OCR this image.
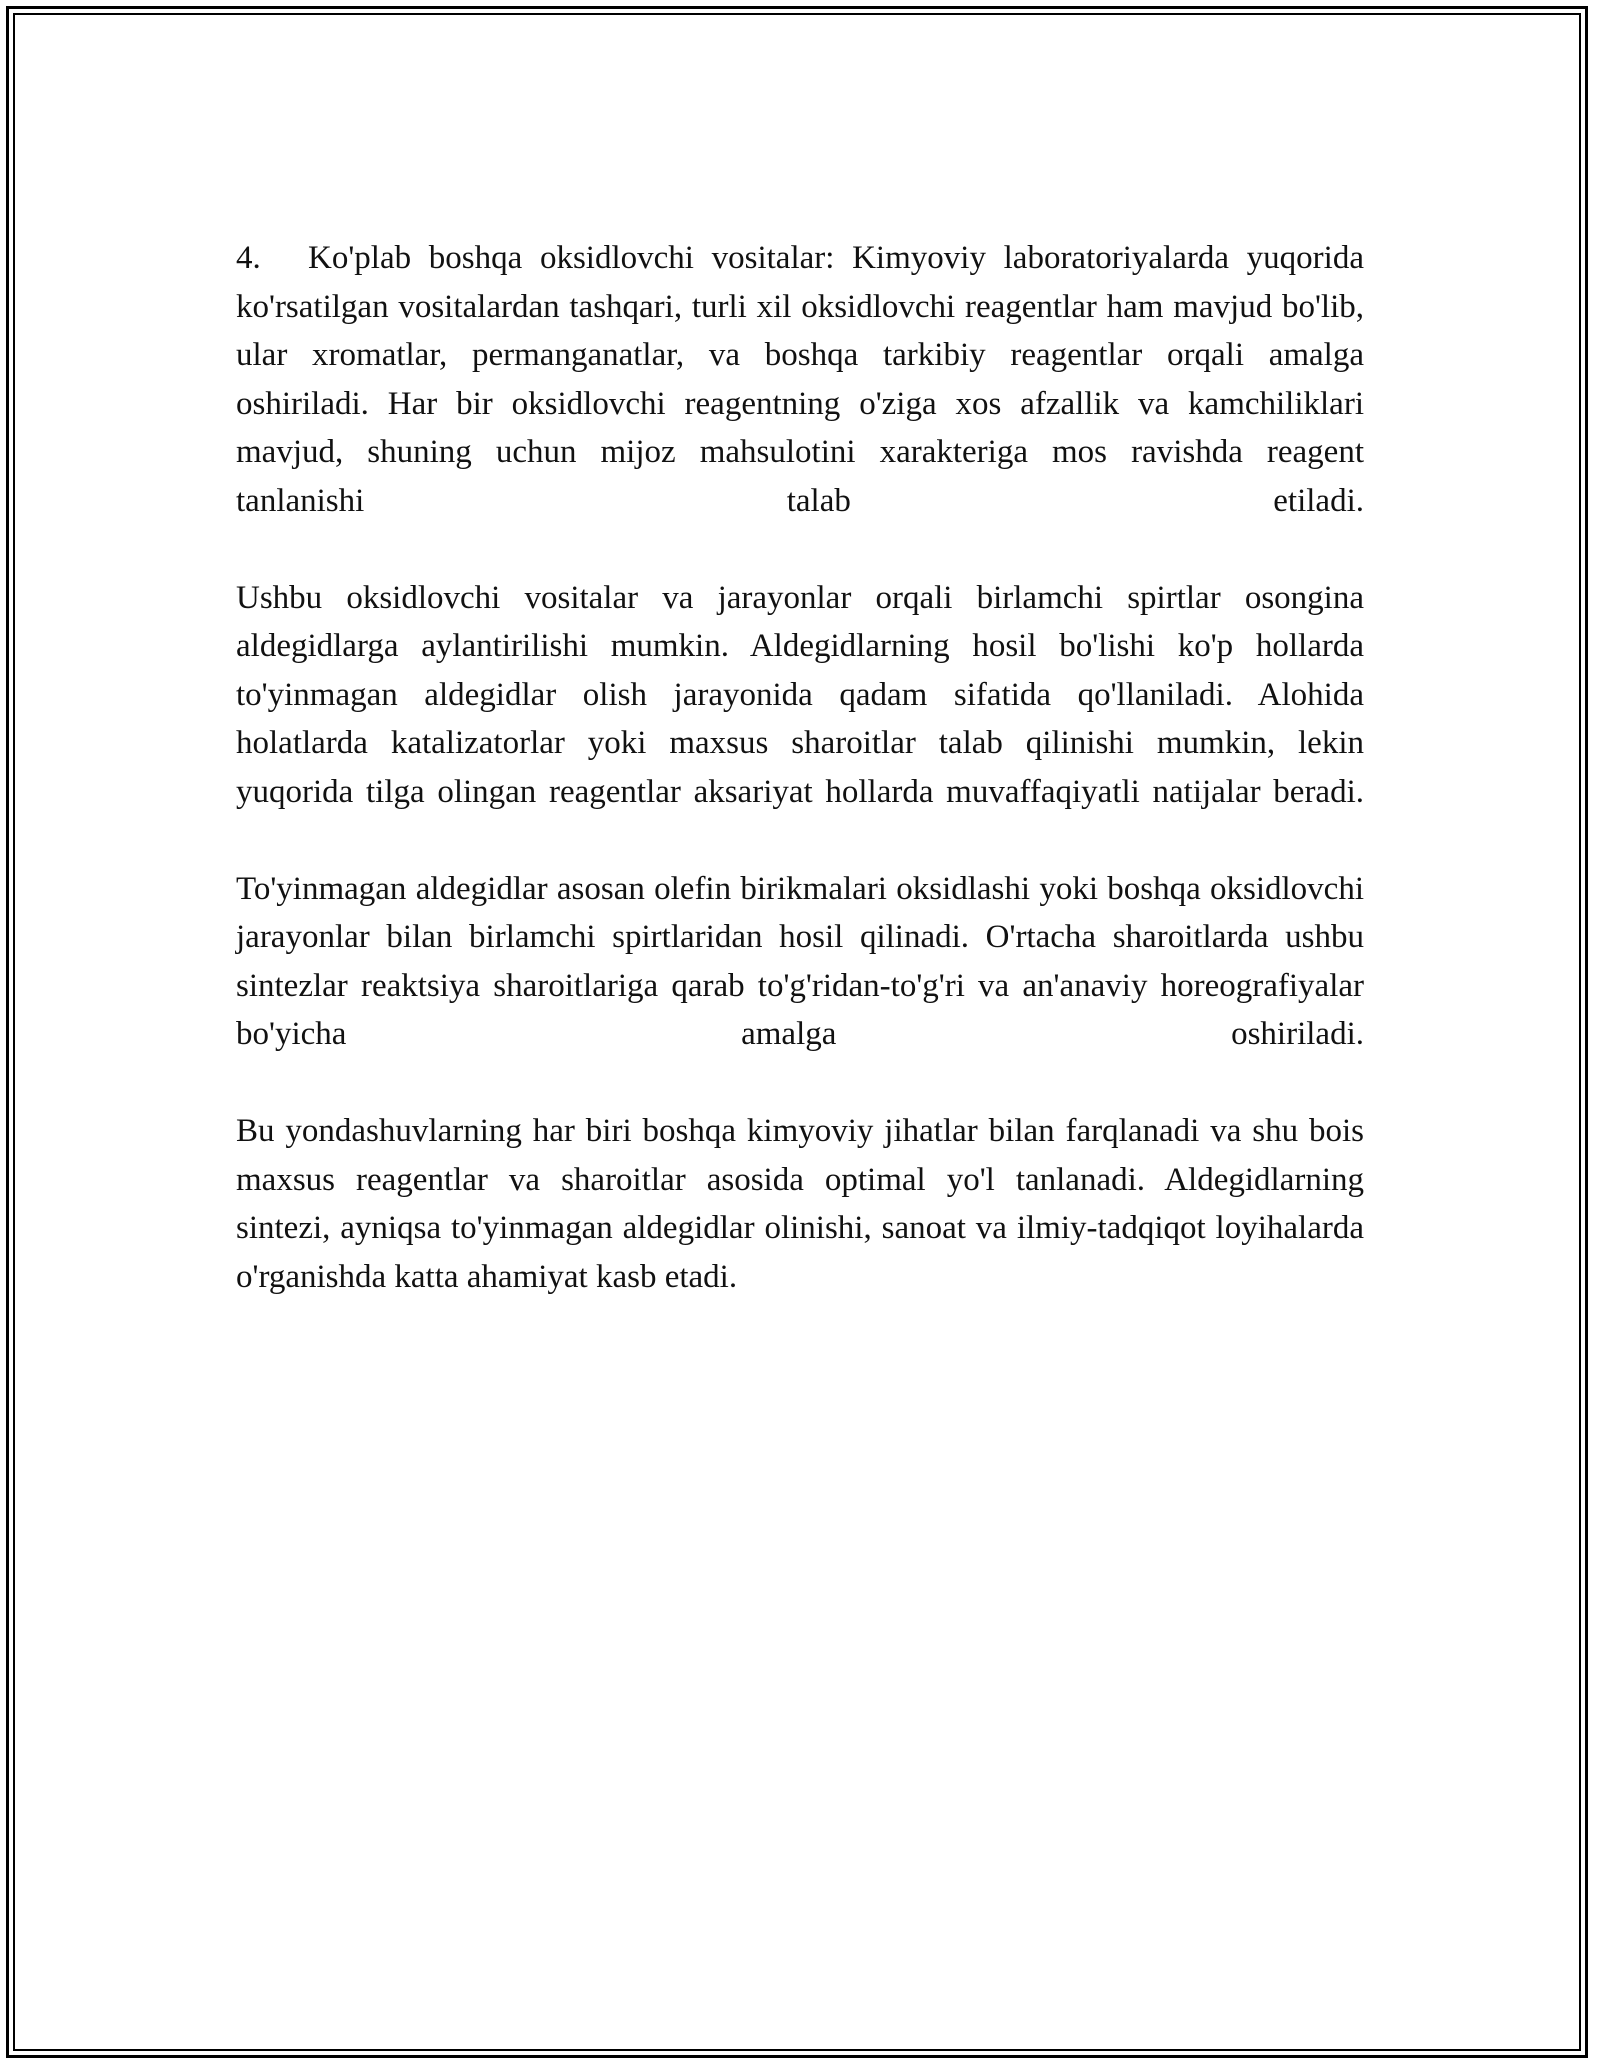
4. Ko'plab boshqa oksidlovchi vositalar: Kimyoviy laboratoriyalarda yuqorida ko'rsatilgan vositalardan tashqari, turli xil oksidlovchi reagentlar ham mavjud bo'lib, ular xromatlar, permanganatlar, va boshqa tarkibiy reagentlar orqali amalga oshiriladi. Har bir oksidlovchi reagentning o'ziga xos afzallik va kamchiliklari mavjud, shuning uchun mijoz mahsulotini xarakteriga mos ravishda reagent tanlanishi talab etiladi.

Ushbu oksidlovchi vositalar va jarayonlar orqali birlamchi spirtlar osongina aldegidlarga aylantirilishi mumkin. Aldegidlarning hosil bo'lishi ko'p hollarda to'yinmagan aldegidlar olish jarayonida qadam sifatida qo'llaniladi. Alohida holatlarda katalizatorlar yoki maxsus sharoitlar talab qilinishi mumkin, lekin yuqorida tilga olingan reagentlar aksariyat hollarda muvaffaqiyatli natijalar beradi.

To'yinmagan aldegidlar asosan olefin birikmalari oksidlashi yoki boshqa oksidlovchi jarayonlar bilan birlamchi spirtlaridan hosil qilinadi. O'rtacha sharoitlarda ushbu sintezlar reaktsiya sharoitlariga qarab to'g'ridan-to'g'ri va an'anaviy horeografiyalar bo'yicha amalga oshiriladi.

Bu yondashuvlarning har biri boshqa kimyoviy jihatlar bilan farqlanadi va shu bois maxsus reagentlar va sharoitlar asosida optimal yo'l tanlanadi. Aldegidlarning sintezi, ayniqsa to'yinmagan aldegidlar olinishi, sanoat va ilmiy-tadqiqot loyihalarda o'rganishda katta ahamiyat kasb etadi.
